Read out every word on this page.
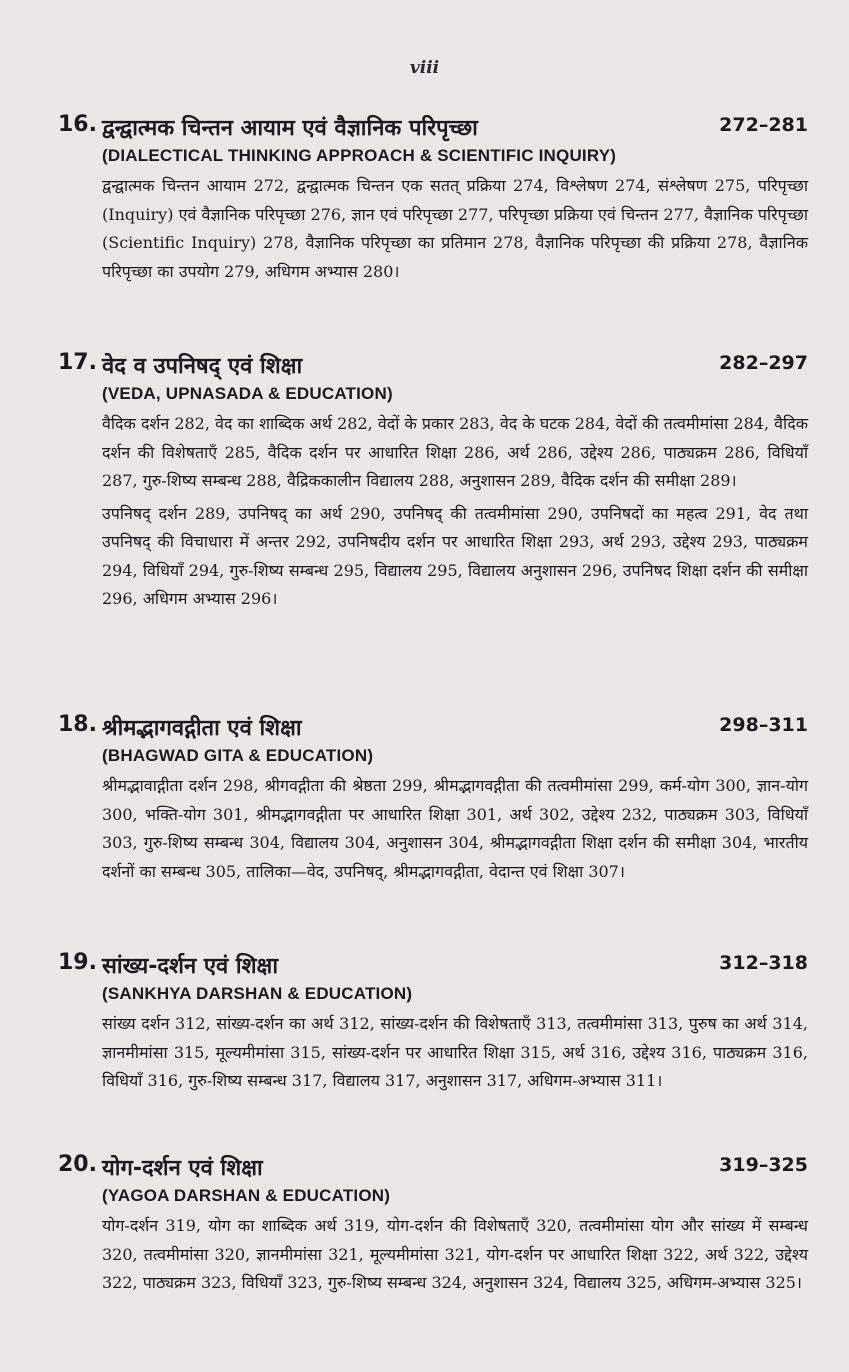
viii
16. द्वन्द्वात्मक चिन्तन आयाम एवं वैज्ञानिक परिपृच्छा	272–281
(DIALECTICAL THINKING APPROACH & SCIENTIFIC INQUIRY)

द्वन्द्वात्मक चिन्तन आयाम 272, द्वन्द्वात्मक चिन्तन एक सतत् प्रक्रिया 274, विश्लेषण 274, संश्लेषण 275, परिपृच्छा (Inquiry) एवं वैज्ञानिक परिपृच्छा 276, ज्ञान एवं परिपृच्छा 277, परिपृच्छा प्रक्रिया एवं चिन्तन 277, वैज्ञानिक परिपृच्छा (Scientific Inquiry) 278, वैज्ञानिक परिपृच्छा का प्रतिमान 278, वैज्ञानिक परिपृच्छा की प्रक्रिया 278, वैज्ञानिक परिपृच्छा का उपयोग 279, अधिगम अभ्यास 280।

17. वेद व उपनिषद् एवं शिक्षा	282–297
(VEDA, UPNASADA & EDUCATION)

वैदिक दर्शन 282, वेद का शाब्दिक अर्थ 282, वेदों के प्रकार 283, वेद के घटक 284, वेदों की तत्वमीमांसा 284, वैदिक दर्शन की विशेषताएँ 285, वैदिक दर्शन पर आधारित शिक्षा 286, अर्थ 286, उद्देश्य 286, पाठ्यक्रम 286, विधियाँ 287, गुरु-शिष्य सम्बन्ध 288, वैद्रिककालीन विद्यालय 288, अनुशासन 289, वैदिक दर्शन की समीक्षा 289।

उपनिषद् दर्शन 289, उपनिषद् का अर्थ 290, उपनिषद् की तत्वमीमांसा 290, उपनिषदों का महत्व 291, वेद तथा उपनिषद् की विचाधारा में अन्तर 292, उपनिषदीय दर्शन पर आधारित शिक्षा 293, अर्थ 293, उद्देश्य 293, पाठ्यक्रम 294, विधियाँ 294, गुरु-शिष्य सम्बन्ध 295, विद्यालय 295, विद्यालय अनुशासन 296, उपनिषद शिक्षा दर्शन की समीक्षा 296, अधिगम अभ्यास 296।

18. श्रीमद्भागवद्गीता एवं शिक्षा	298–311
(BHAGWAD GITA & EDUCATION)

श्रीमद्भावाद्गीता दर्शन 298, श्रीगवद्गीता की श्रेष्ठता 299, श्रीमद्भागवद्गीता की तत्वमीमांसा 299, कर्म-योग 300, ज्ञान-योग 300, भक्ति-योग 301, श्रीमद्भागवद्गीता पर आधारित शिक्षा 301, अर्थ 302, उद्देश्य 232, पाठ्यक्रम 303, विधियाँ 303, गुरु-शिष्य सम्बन्ध 304, विद्यालय 304, अनुशासन 304, श्रीमद्भागवद्गीता शिक्षा दर्शन की समीक्षा 304, भारतीय दर्शनों का सम्बन्ध 305, तालिका—वेद, उपनिषद्, श्रीमद्भागवद्गीता, वेदान्त एवं शिक्षा 307।

19. सांख्य-दर्शन एवं शिक्षा	312–318
(SANKHYA DARSHAN & EDUCATION)

सांख्य दर्शन 312, सांख्य-दर्शन का अर्थ 312, सांख्य-दर्शन की विशेषताएँ 313, तत्वमीमांसा 313, पुरुष का अर्थ 314, ज्ञानमीमांसा 315, मूल्यमीमांसा 315, सांख्य-दर्शन पर आधारित शिक्षा 315, अर्थ 316, उद्देश्य 316, पाठ्यक्रम 316, विधियाँ 316, गुरु-शिष्य सम्बन्ध 317, विद्यालय 317, अनुशासन 317, अधिगम-अभ्यास 311।

20. योग-दर्शन एवं शिक्षा	319–325
(YAGOA DARSHAN & EDUCATION)

योग-दर्शन 319, योग का शाब्दिक अर्थ 319, योग-दर्शन की विशेषताएँ 320, तत्वमीमांसा योग और सांख्य में सम्बन्ध 320, तत्वमीमांसा 320, ज्ञानमीमांसा 321, मूल्यमीमांसा 321, योग-दर्शन पर आधारित शिक्षा 322, अर्थ 322, उद्देश्य 322, पाठ्यक्रम 323, विधियाँ 323, गुरु-शिष्य सम्बन्ध 324, अनुशासन 324, विद्यालय 325, अधिगम-अभ्यास 325।
